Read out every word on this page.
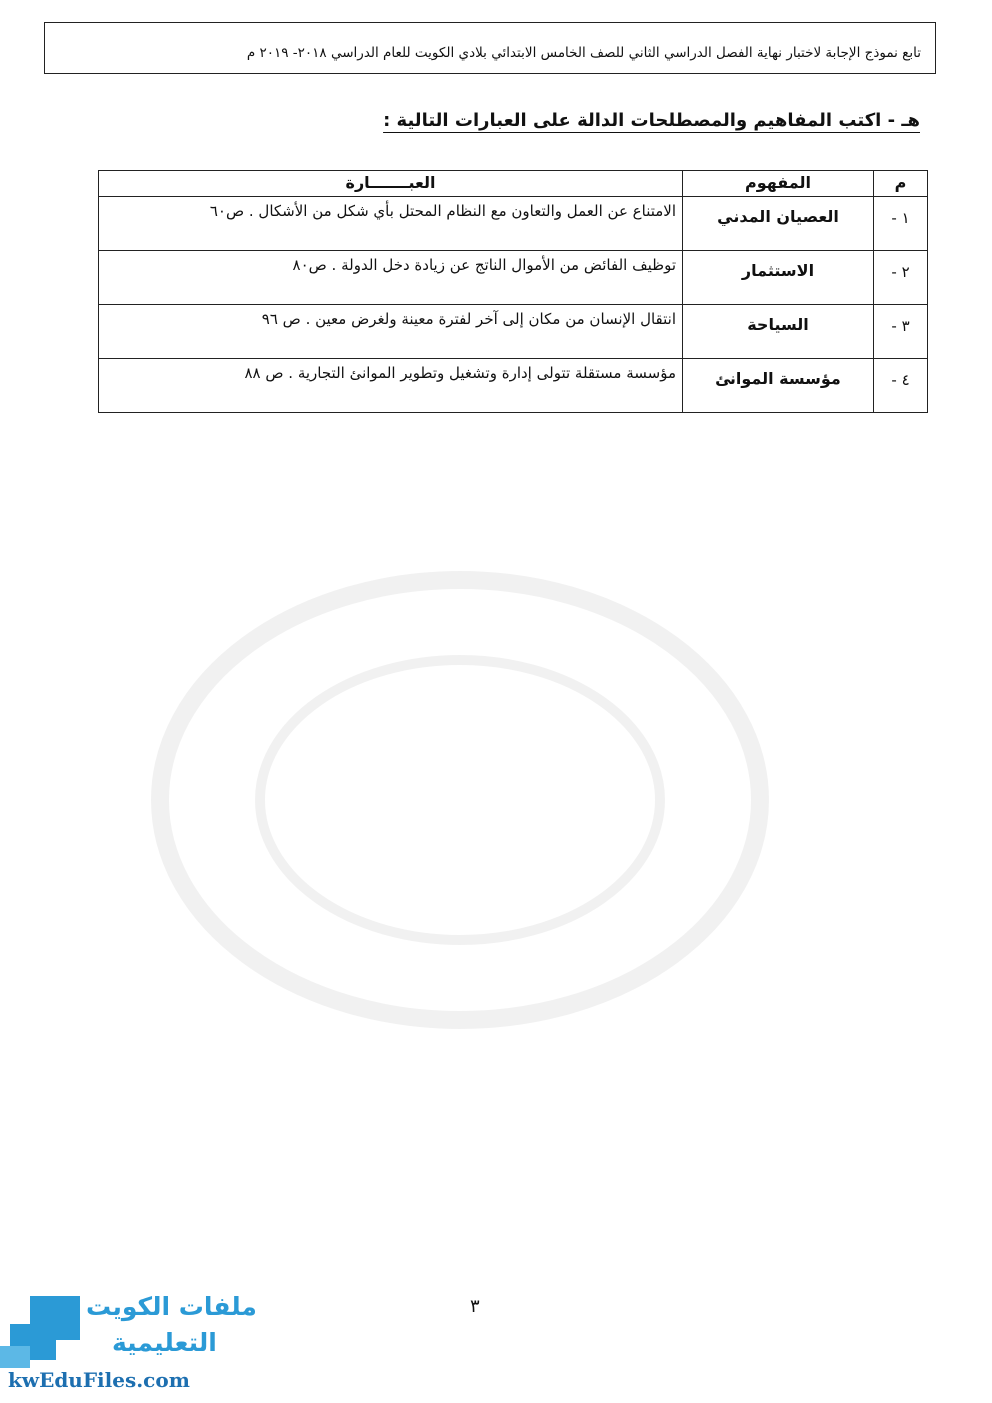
تابع نموذج الإجابة لاختبار نهاية الفصل الدراسي الثاني للصف الخامس الابتدائي بلادي الكويت للعام الدراسي ٢٠١٨- ٢٠١٩ م
هـ - اكتب المفاهيم والمصطلحات الدالة على العبارات التالية :
م	المفهوم	العبـــــــارة
١ -	العصيان المدني	الامتناع عن العمل والتعاون مع النظام المحتل بأي شكل من الأشكال . ص٦٠
٢ -	الاستثمار	توظيف الفائض من الأموال الناتج عن زيادة دخل الدولة . ص٨٠
٣ -	السياحة	انتقال الإنسان من مكان إلى آخر لفترة معينة ولغرض معين . ص ٩٦
٤ -	مؤسسة الموانئ	مؤسسة مستقلة تتولى إدارة وتشغيل وتطوير الموانئ التجارية . ص ٨٨
٣
ملفات الكويت
التعليمية
kwEduFiles.com
